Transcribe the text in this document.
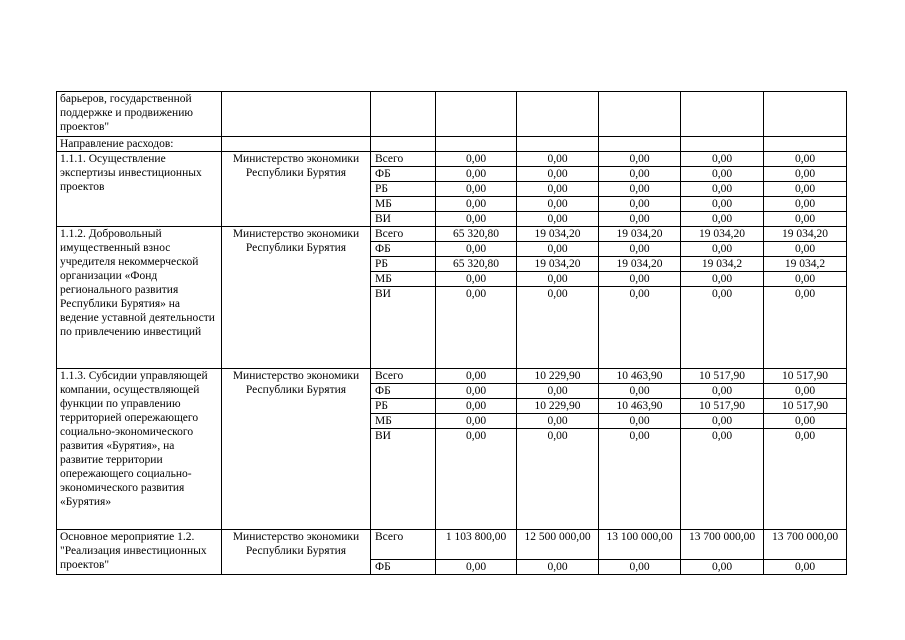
барьеров, государственной поддержке и продвижению проектов"							
Направление расходов:							
1.1.1. Осуществление экспертизы инвестиционных проектов	Министерство экономики Республики Бурятия	Всего	0,00	0,00	0,00	0,00	0,00
		ФБ	0,00	0,00	0,00	0,00	0,00
		РБ	0,00	0,00	0,00	0,00	0,00
		МБ	0,00	0,00	0,00	0,00	0,00
		ВИ	0,00	0,00	0,00	0,00	0,00
1.1.2. Добровольный имущественный взнос учредителя некоммерческой организации «Фонд регионального развития Республики Бурятия» на ведение уставной деятельности по привлечению инвестиций	Министерство экономики Республики Бурятия	Всего	65 320,80	19 034,20	19 034,20	19 034,20	19 034,20
		ФБ	0,00	0,00	0,00	0,00	0,00
		РБ	65 320,80	19 034,20	19 034,20	19 034,2	19 034,2
		МБ	0,00	0,00	0,00	0,00	0,00
		ВИ	0,00	0,00	0,00	0,00	0,00
1.1.3. Субсидии управляющей компании, осуществляющей функции по управлению территорией опережающего социально-экономического развития «Бурятия», на развитие территории опережающего социально-экономического развития «Бурятия»	Министерство экономики Республики Бурятия	Всего	0,00	10 229,90	10 463,90	10 517,90	10 517,90
		ФБ	0,00	0,00	0,00	0,00	0,00
		РБ	0,00	10 229,90	10 463,90	10 517,90	10 517,90
		МБ	0,00	0,00	0,00	0,00	0,00
		ВИ	0,00	0,00	0,00	0,00	0,00
Основное мероприятие 1.2. "Реализация инвестиционных проектов"	Министерство экономики Республики Бурятия	Всего	1 103 800,00	12 500 000,00	13 100 000,00	13 700 000,00	13 700 000,00
		ФБ	0,00	0,00	0,00	0,00	0,00
